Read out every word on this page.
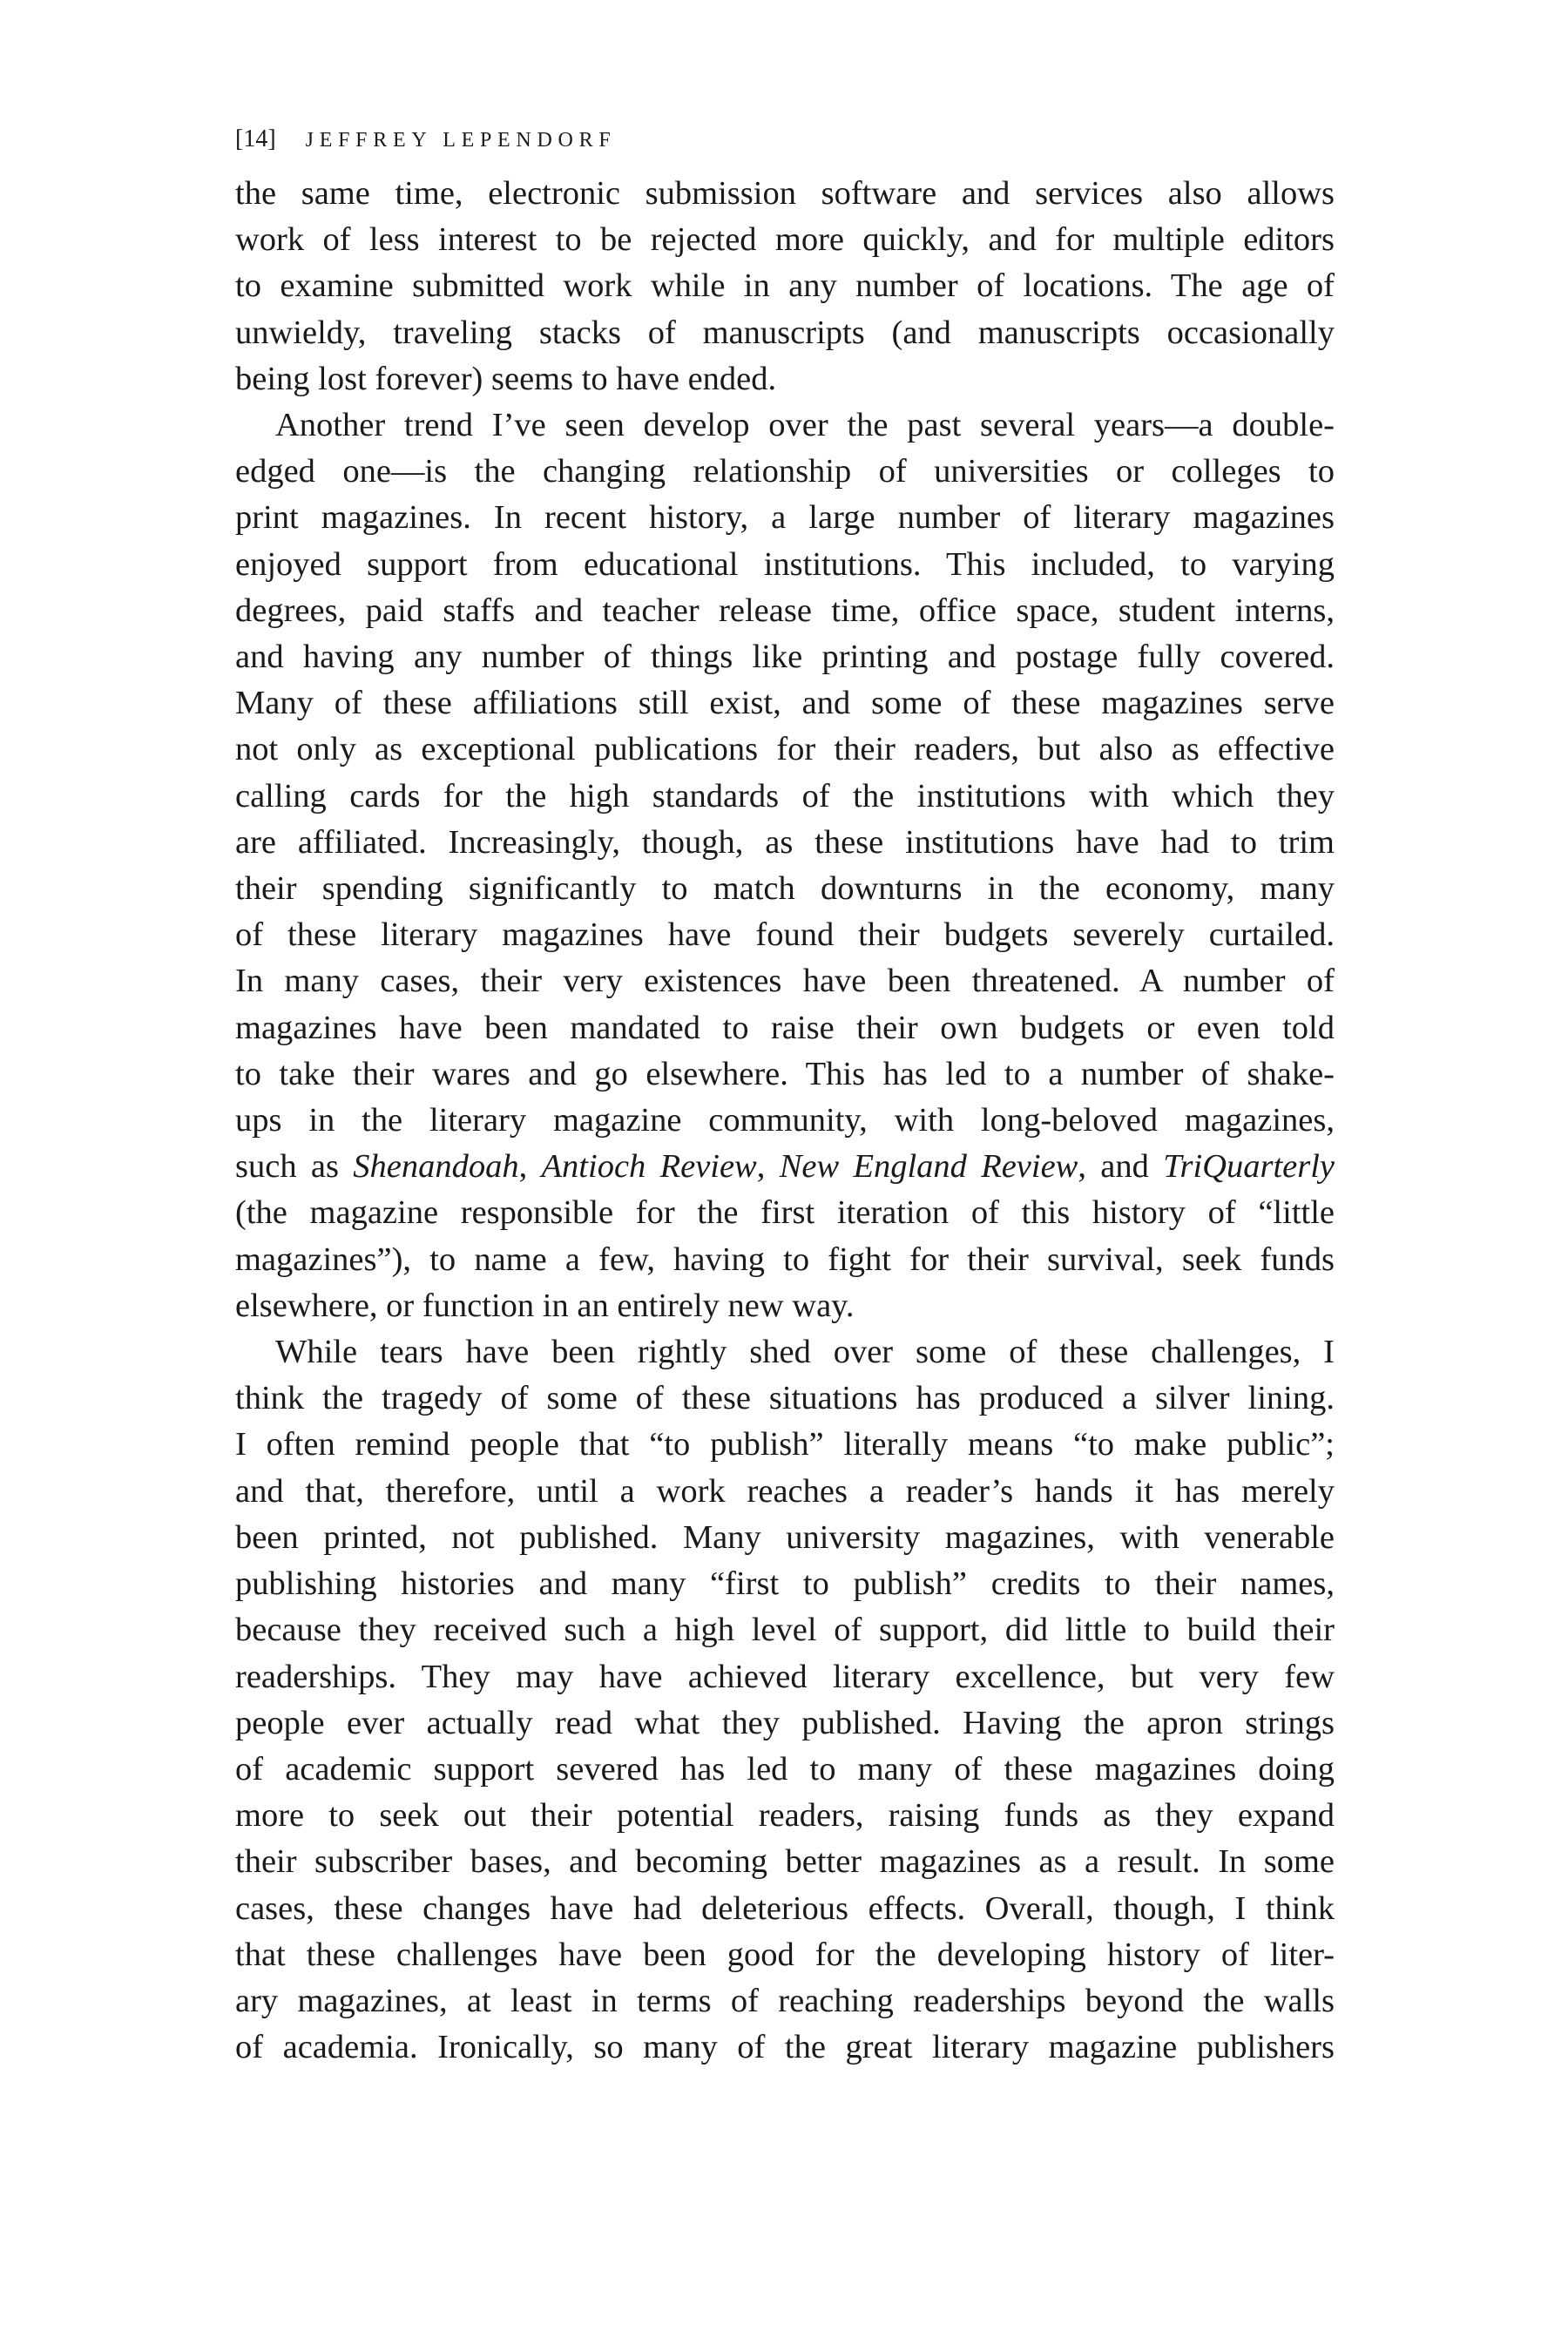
[14] JEFFREY LEPENDORF
the same time, electronic submission software and services also allows
work of less interest to be rejected more quickly, and for multiple editors
to examine submitted work while in any number of locations. The age of
unwieldy, traveling stacks of manuscripts (and manuscripts occasionally
being lost forever) seems to have ended.
Another trend I’ve seen develop over the past several years—a double-
edged one—is the changing relationship of universities or colleges to
print magazines. In recent history, a large number of literary magazines
enjoyed support from educational institutions. This included, to varying
degrees, paid staffs and teacher release time, office space, student interns,
and having any number of things like printing and postage fully covered.
Many of these affiliations still exist, and some of these magazines serve
not only as exceptional publications for their readers, but also as effective
calling cards for the high standards of the institutions with which they
are affiliated. Increasingly, though, as these institutions have had to trim
their spending significantly to match downturns in the economy, many
of these literary magazines have found their budgets severely curtailed.
In many cases, their very existences have been threatened. A number of
magazines have been mandated to raise their own budgets or even told
to take their wares and go elsewhere. This has led to a number of shake-
ups in the literary magazine community, with long-beloved magazines,
such as Shenandoah, Antioch Review, New England Review, and TriQuarterly
(the magazine responsible for the first iteration of this history of “little
magazines”), to name a few, having to fight for their survival, seek funds
elsewhere, or function in an entirely new way.
While tears have been rightly shed over some of these challenges, I
think the tragedy of some of these situations has produced a silver lining.
I often remind people that “to publish” literally means “to make public”;
and that, therefore, until a work reaches a reader’s hands it has merely
been printed, not published. Many university magazines, with venerable
publishing histories and many “first to publish” credits to their names,
because they received such a high level of support, did little to build their
readerships. They may have achieved literary excellence, but very few
people ever actually read what they published. Having the apron strings
of academic support severed has led to many of these magazines doing
more to seek out their potential readers, raising funds as they expand
their subscriber bases, and becoming better magazines as a result. In some
cases, these changes have had deleterious effects. Overall, though, I think
that these challenges have been good for the developing history of liter-
ary magazines, at least in terms of reaching readerships beyond the walls
of academia. Ironically, so many of the great literary magazine publishers
